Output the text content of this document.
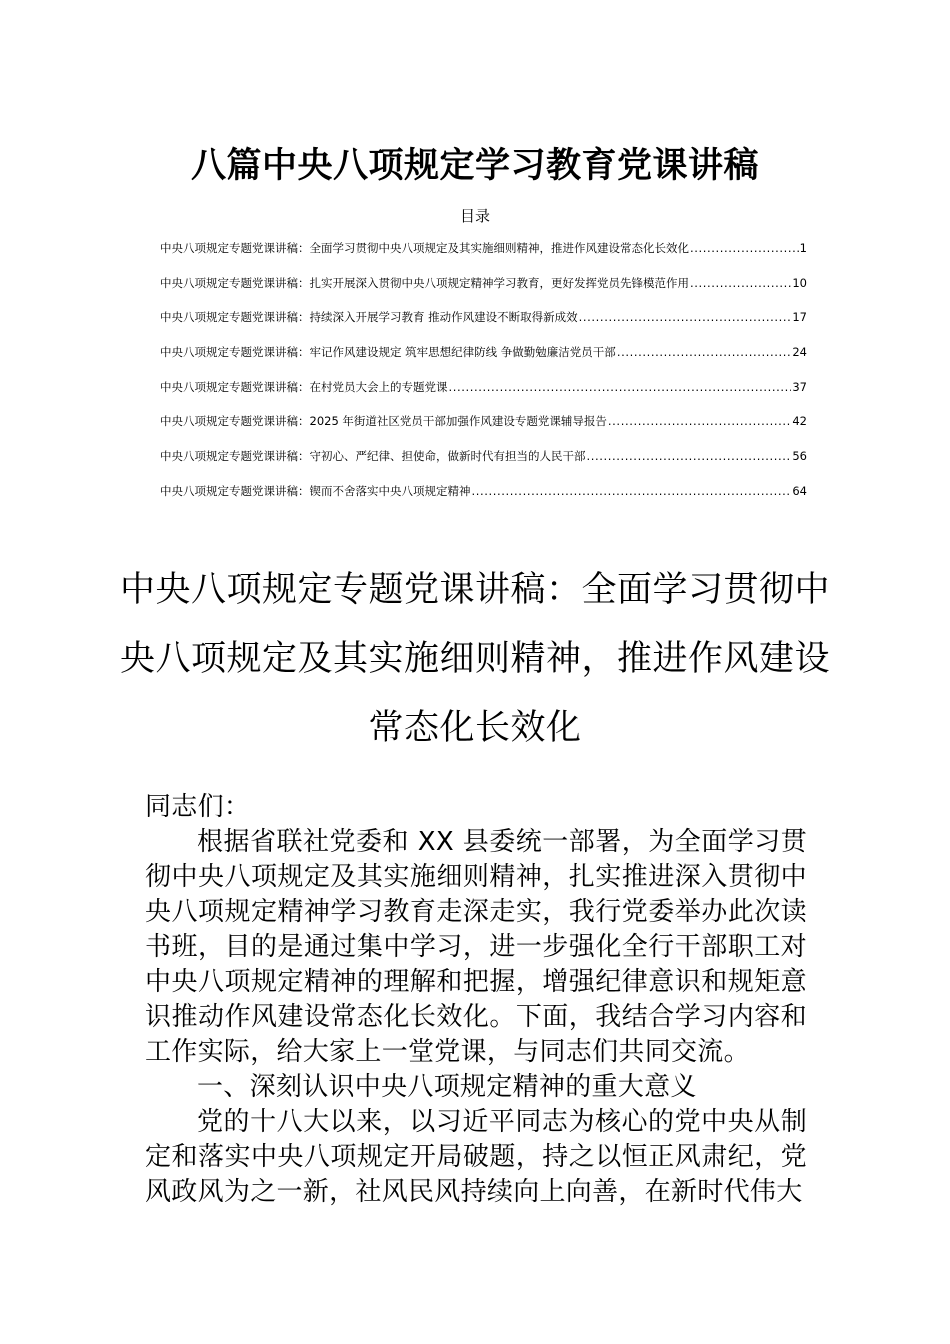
八篇中央八项规定学习教育党课讲稿
目录
中央八项规定专题党课讲稿：全面学习贯彻中央八项规定及其实施细则精神，推进作风建设常态化长效化 .....	1
中央八项规定专题党课讲稿：扎实开展深入贯彻中央八项规定精神学习教育，更好发挥党员先锋模范作用 .....	10
中央八项规定专题党课讲稿：持续深入开展学习教育 推动作风建设不断取得新成效 .....	17
中央八项规定专题党课讲稿：牢记作风建设规定 筑牢思想纪律防线 争做勤勉廉洁党员干部 .....	24
中央八项规定专题党课讲稿：在村党员大会上的专题党课 .....	37
中央八项规定专题党课讲稿：2025 年街道社区党员干部加强作风建设专题党课辅导报告 .....	42
中央八项规定专题党课讲稿：守初心、严纪律、担使命，做新时代有担当的人民干部 .....	56
中央八项规定专题党课讲稿：锲而不舍落实中央八项规定精神 .....	64
中央八项规定专题党课讲稿：全面学习贯彻中央八项规定及其实施细则精神，推进作风建设常态化长效化

同志们：

根据省联社党委和 XX 县委统一部署，为全面学习贯彻中央八项规定及其实施细则精神，扎实推进深入贯彻中央八项规定精神学习教育走深走实，我行党委举办此次读书班，目的是通过集中学习，进一步强化全行干部职工对中央八项规定精神的理解和把握，增强纪律意识和规矩意识推动作风建设常态化长效化。下面，我结合学习内容和工作实际，给大家上一堂党课，与同志们共同交流。

一、深刻认识中央八项规定精神的重大意义

党的十八大以来，以习近平同志为核心的党中央从制定和落实中央八项规定开局破题，持之以恒正风肃纪，党风政风为之一新，社风民风持续向上向善，在新时代伟大
